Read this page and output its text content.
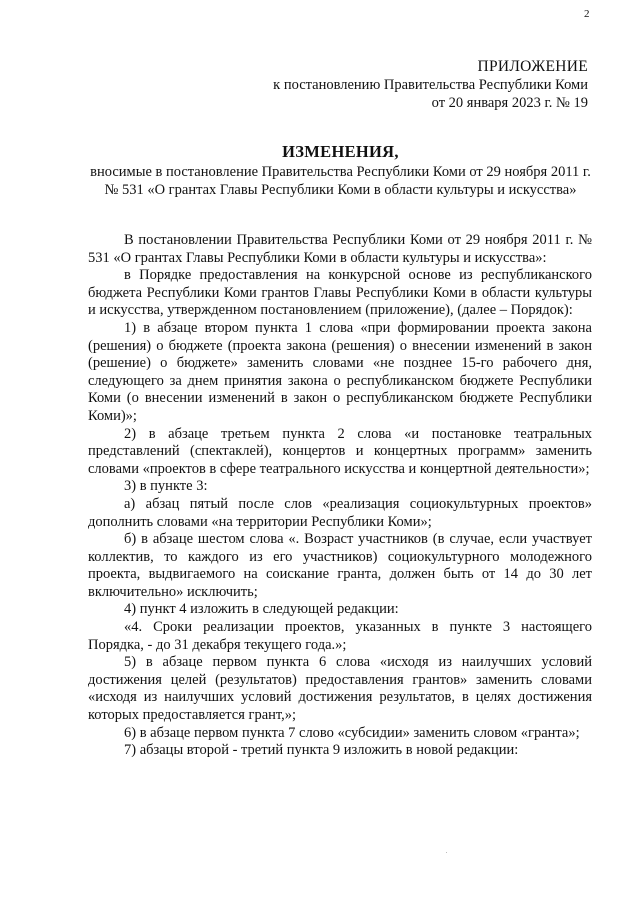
2
ПРИЛОЖЕНИЕ
к постановлению Правительства Республики Коми
от 20 января 2023 г. № 19
ИЗМЕНЕНИЯ,
вносимые в постановление Правительства Республики Коми от 29 ноября 2011 г. № 531 «О грантах Главы Республики Коми в области культуры и искусства»

В постановлении Правительства Республики Коми от 29 ноября 2011 г. № 531 «О грантах Главы Республики Коми в области культуры и искусства»:

в Порядке предоставления на конкурсной основе из республиканского бюджета Республики Коми грантов Главы Республики Коми в области культуры и искусства, утвержденном постановлением (приложение), (далее – Порядок):

1) в абзаце втором пункта 1 слова «при формировании проекта закона (решения) о бюджете (проекта закона (решения) о внесении изменений в закон (решение) о бюджете» заменить словами «не позднее 15-го рабочего дня, следующего за днем принятия закона о республиканском бюджете Республики Коми (о внесении изменений в закон о республиканском бюджете Республики Коми)»;

2) в абзаце третьем пункта 2 слова «и постановке театральных представлений (спектаклей), концертов и концертных программ» заменить словами «проектов в сфере театрального искусства и концертной деятельности»;

3) в пункте 3:

а) абзац пятый после слов «реализация социокультурных проектов» дополнить словами «на территории Республики Коми»;

б) в абзаце шестом слова «. Возраст участников (в случае, если участвует коллектив, то каждого из его участников) социокультурного молодежного проекта, выдвигаемого на соискание гранта, должен быть от 14 до 30 лет включительно» исключить;

4) пункт 4 изложить в следующей редакции:

«4. Сроки реализации проектов, указанных в пункте 3 настоящего Порядка, - до 31 декабря текущего года.»;

5) в абзаце первом пункта 6 слова «исходя из наилучших условий достижения целей (результатов) предоставления грантов» заменить словами «исходя из наилучших условий достижения результатов, в целях достижения которых предоставляется грант,»;

6) в абзаце первом пункта 7 слово «субсидии» заменить словом «гранта»;

7) абзацы второй - третий пункта 9 изложить в новой редакции:
